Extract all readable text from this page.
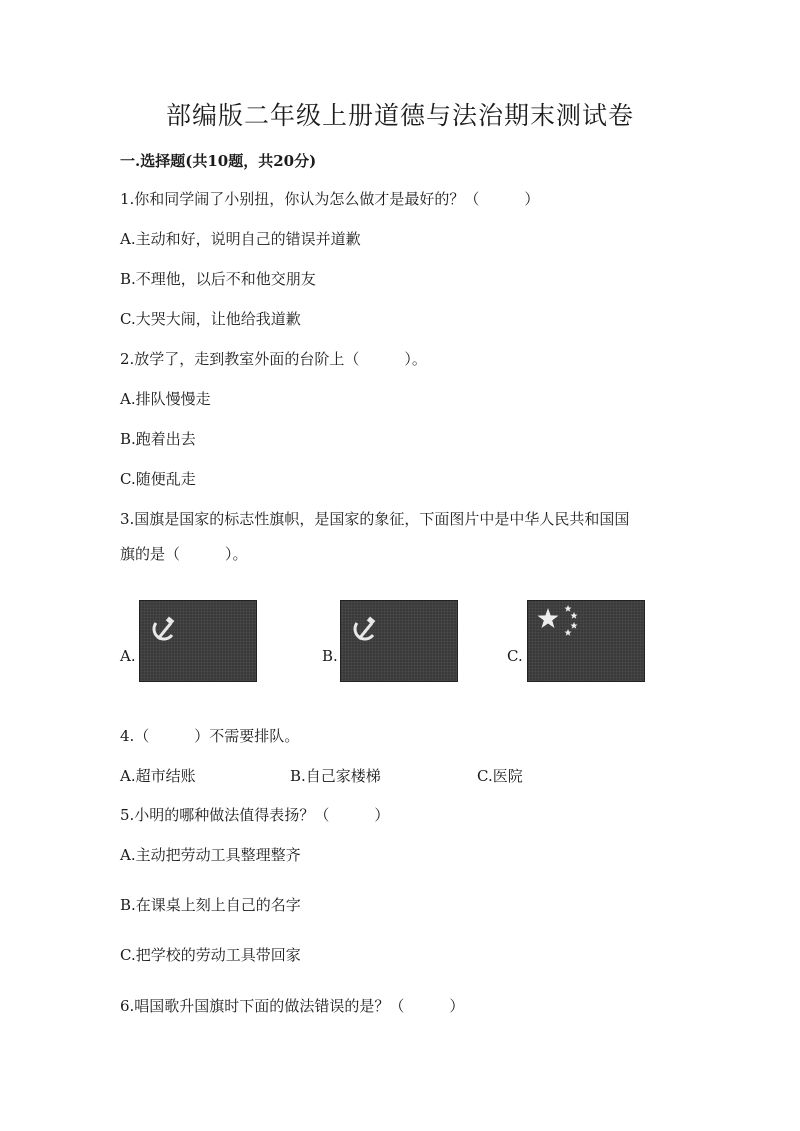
部编版二年级上册道德与法治期末测试卷
一.选择题(共10题，共20分)
1.你和同学闹了小别扭，你认为怎么做才是最好的？（　　　）
A.主动和好，说明自己的错误并道歉
B.不理他，以后不和他交朋友
C.大哭大闹，让他给我道歉
2.放学了，走到教室外面的台阶上（　　　）。
A.排队慢慢走
B.跑着出去
C.随便乱走
3.国旗是国家的标志性旗帜，是国家的象征，下面图片中是中华人民共和国国
旗的是（　　　）。
A.	B.	C.
4.（　　　）不需要排队。
A.超市结账	B.自己家楼梯	C.医院
5.小明的哪种做法值得表扬？（　　　）
A.主动把劳动工具整理整齐
B.在课桌上刻上自己的名字
C.把学校的劳动工具带回家
6.唱国歌升国旗时下面的做法错误的是？（　　　）
